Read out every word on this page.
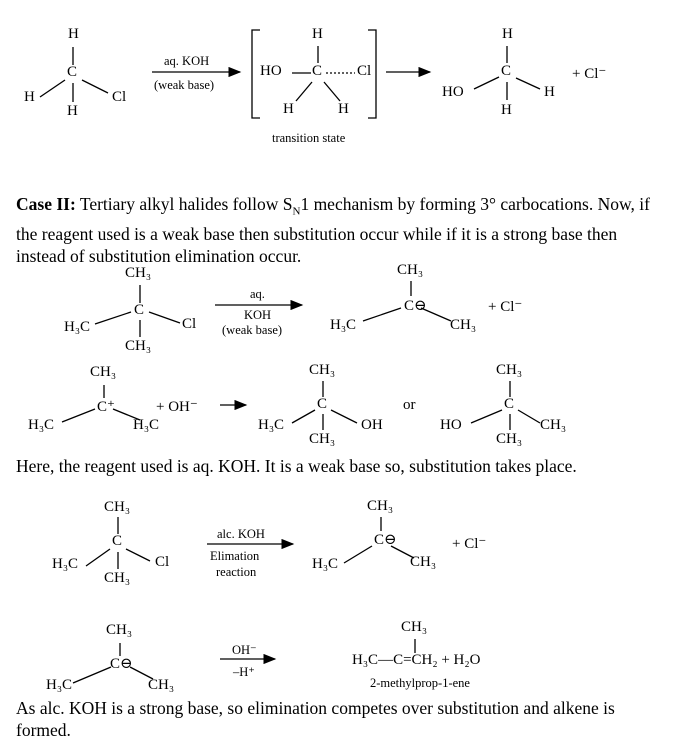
H
C
H	Cl
H
aq. KOH
(weak base)
H
HO C Cl
H	H
transition state
H
C
HO	H
H
+ Cl⁻
Case II: Tertiary alkyl halides follow $S_N1$ mechanism by forming 3° carbocations. Now, if the reagent used is a weak base then substitution occur while if it is a strong base then instead of substitution elimination occur.
CH₃
C
H₃C	Cl
CH₃
aq.
KOH
(weak base)
CH₃
C⊖
H₃C	CH₃
+ Cl⁻
CH₃
C⁺
H₃C	H₃C
+ OH⁻
CH₃
C
H₃C	OH
CH₃
or
CH₃
C
HO	CH₃
CH₃
Here, the reagent used is aq. KOH. It is a weak base so, substitution takes place.
CH₃
C
H₃C	Cl
CH₃
alc. KOH
Elimation
reaction
CH₃
C⊖
H₃C	CH₃
+ Cl⁻
CH₃
C⊖
H₃C	CH₃
OH⁻
–H⁺
CH₃
H₃C—C=CH₂ + H₂O
2-methylprop-1-ene
As alc. KOH is a strong base, so elimination competes over substitution and alkene is formed.
